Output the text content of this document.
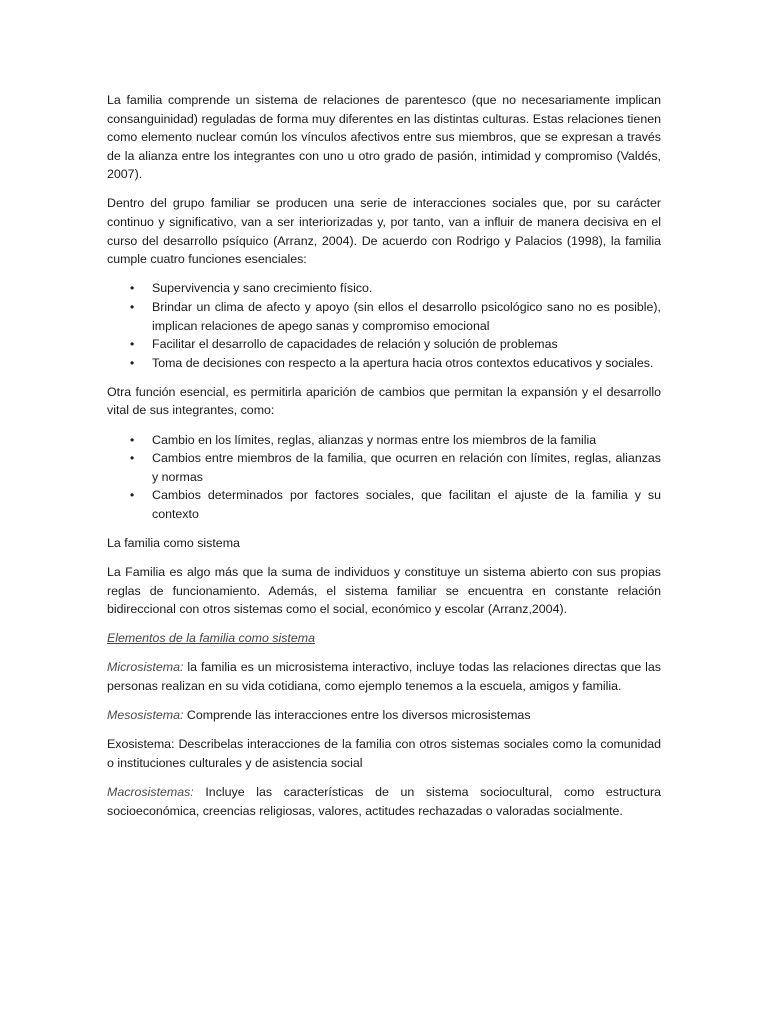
La familia comprende un sistema de relaciones de parentesco (que no necesariamente implican consanguinidad) reguladas de forma muy diferentes en las distintas culturas. Estas relaciones tienen como elemento nuclear común los vínculos afectivos entre sus miembros, que se expresan a través de la alianza entre los integrantes con uno u otro grado de pasión, intimidad y compromiso (Valdés, 2007).

Dentro del grupo familiar se producen una serie de interacciones sociales que, por su carácter continuo y significativo, van a ser interiorizadas y, por tanto, van a influir de manera decisiva en el curso del desarrollo psíquico (Arranz, 2004). De acuerdo con Rodrigo y Palacios (1998), la familia cumple cuatro funciones esenciales:

• Supervivencia y sano crecimiento físico.
• Brindar un clima de afecto y apoyo (sin ellos el desarrollo psicológico sano no es posible), implican relaciones de apego sanas y compromiso emocional
• Facilitar el desarrollo de capacidades de relación y solución de problemas
• Toma de decisiones con respecto a la apertura hacia otros contextos educativos y sociales.

Otra función esencial, es permitirla aparición de cambios que permitan la expansión y el desarrollo vital de sus integrantes, como:

• Cambio en los límites, reglas, alianzas y normas entre los miembros de la familia
• Cambios entre miembros de la familia, que ocurren en relación con límites, reglas, alianzas y normas
• Cambios determinados por factores sociales, que facilitan el ajuste de la familia y su contexto
La familia como sistema

La Familia es algo más que la suma de individuos y constituye un sistema abierto con sus propias reglas de funcionamiento. Además, el sistema familiar se encuentra en constante relación bidireccional con otros sistemas como el social, económico y escolar (Arranz,2004).

Elementos de la familia como sistema

Microsistema: la familia es un microsistema interactivo, incluye todas las relaciones directas que las personas realizan en su vida cotidiana, como ejemplo tenemos a la escuela, amigos y familia.

Mesosistema: Comprende las interacciones entre los diversos microsistemas

Exosistema: Describelas interacciones de la familia con otros sistemas sociales como la comunidad o instituciones culturales y de asistencia social

Macrosistemas: Incluye las características de un sistema sociocultural, como estructura socioeconómica, creencias religiosas, valores, actitudes rechazadas o valoradas socialmente.
